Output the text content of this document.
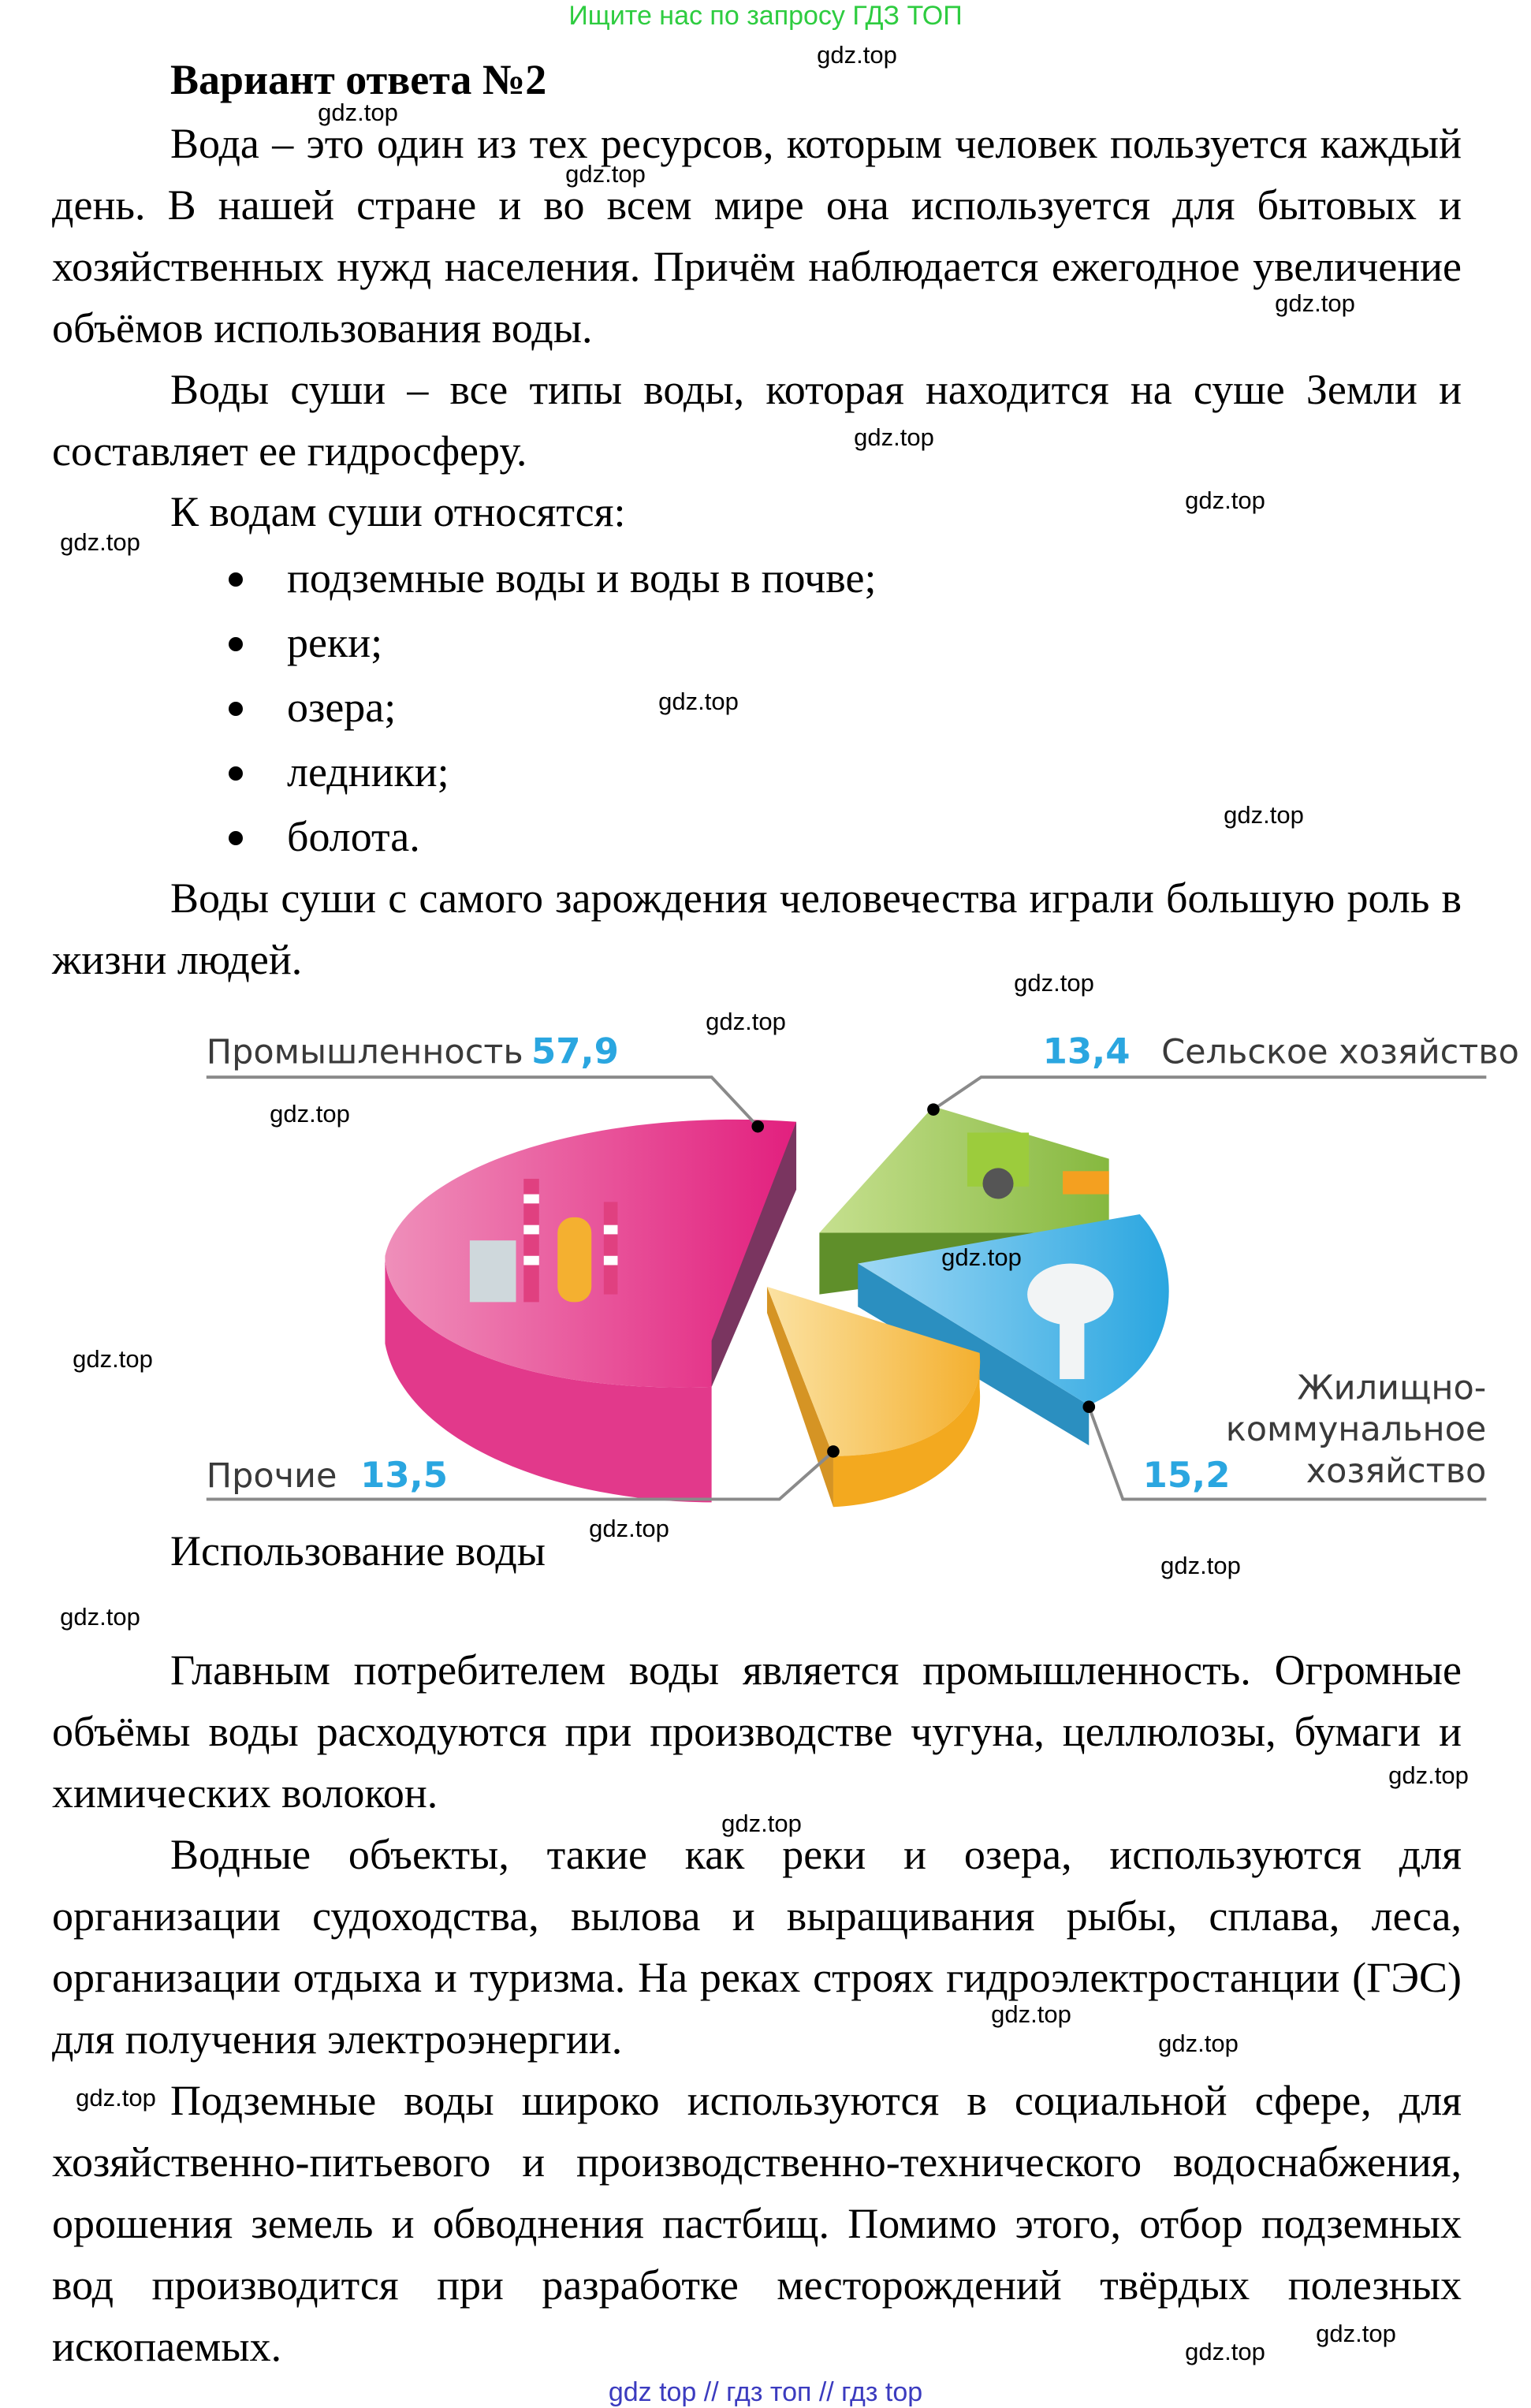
Ищите нас по запросу ГДЗ ТОП
Вариант ответа №2
Вода – это один из тех ресурсов, которым человек пользуется каждый день. В нашей стране и во всем мире она используется для бытовых и хозяйственных нужд населения. Причём наблюдается ежегодное увеличение объёмов использования воды.
Воды суши – все типы воды, которая находится на суше Земли и составляет ее гидросферу.
К водам суши относятся:
подземные воды и воды в почве;
реки;
озера;
ледники;
болота.
Воды суши с самого зарождения человечества играли большую роль в жизни людей.
Промышленность 57,9	13,4 Сельское хозяйство
Прочие 13,5
Жилищно-
коммунальное
хозяйство
15,2
Использование воды
Главным потребителем воды является промышленность. Огромные объёмы воды расходуются при производстве чугуна, целлюлозы, бумаги и химических волокон.
Водные объекты, такие как реки и озера, используются для организации судоходства, вылова и выращивания рыбы, сплава, леса, организации отдыха и туризма. На реках строях гидроэлектростанции (ГЭС) для получения электроэнергии.
Подземные воды широко используются в социальной сфере, для хозяйственно-питьевого и производственно-технического водоснабжения, орошения земель и обводнения пастбищ. Помимо этого, отбор подземных вод производится при разработке месторождений твёрдых полезных ископаемых.
gdz.top
gdz.top
gdz.top
gdz.top
gdz.top
gdz.top
gdz.top
gdz.top
gdz.top
gdz.top
gdz.top
gdz.top
gdz.top
gdz.top
gdz.top
gdz.top
gdz.top
gdz.top
gdz.top
gdz.top
gdz.top
gdz.top
gdz.top
gdz.top
gdz top // гдз топ // гдз top
